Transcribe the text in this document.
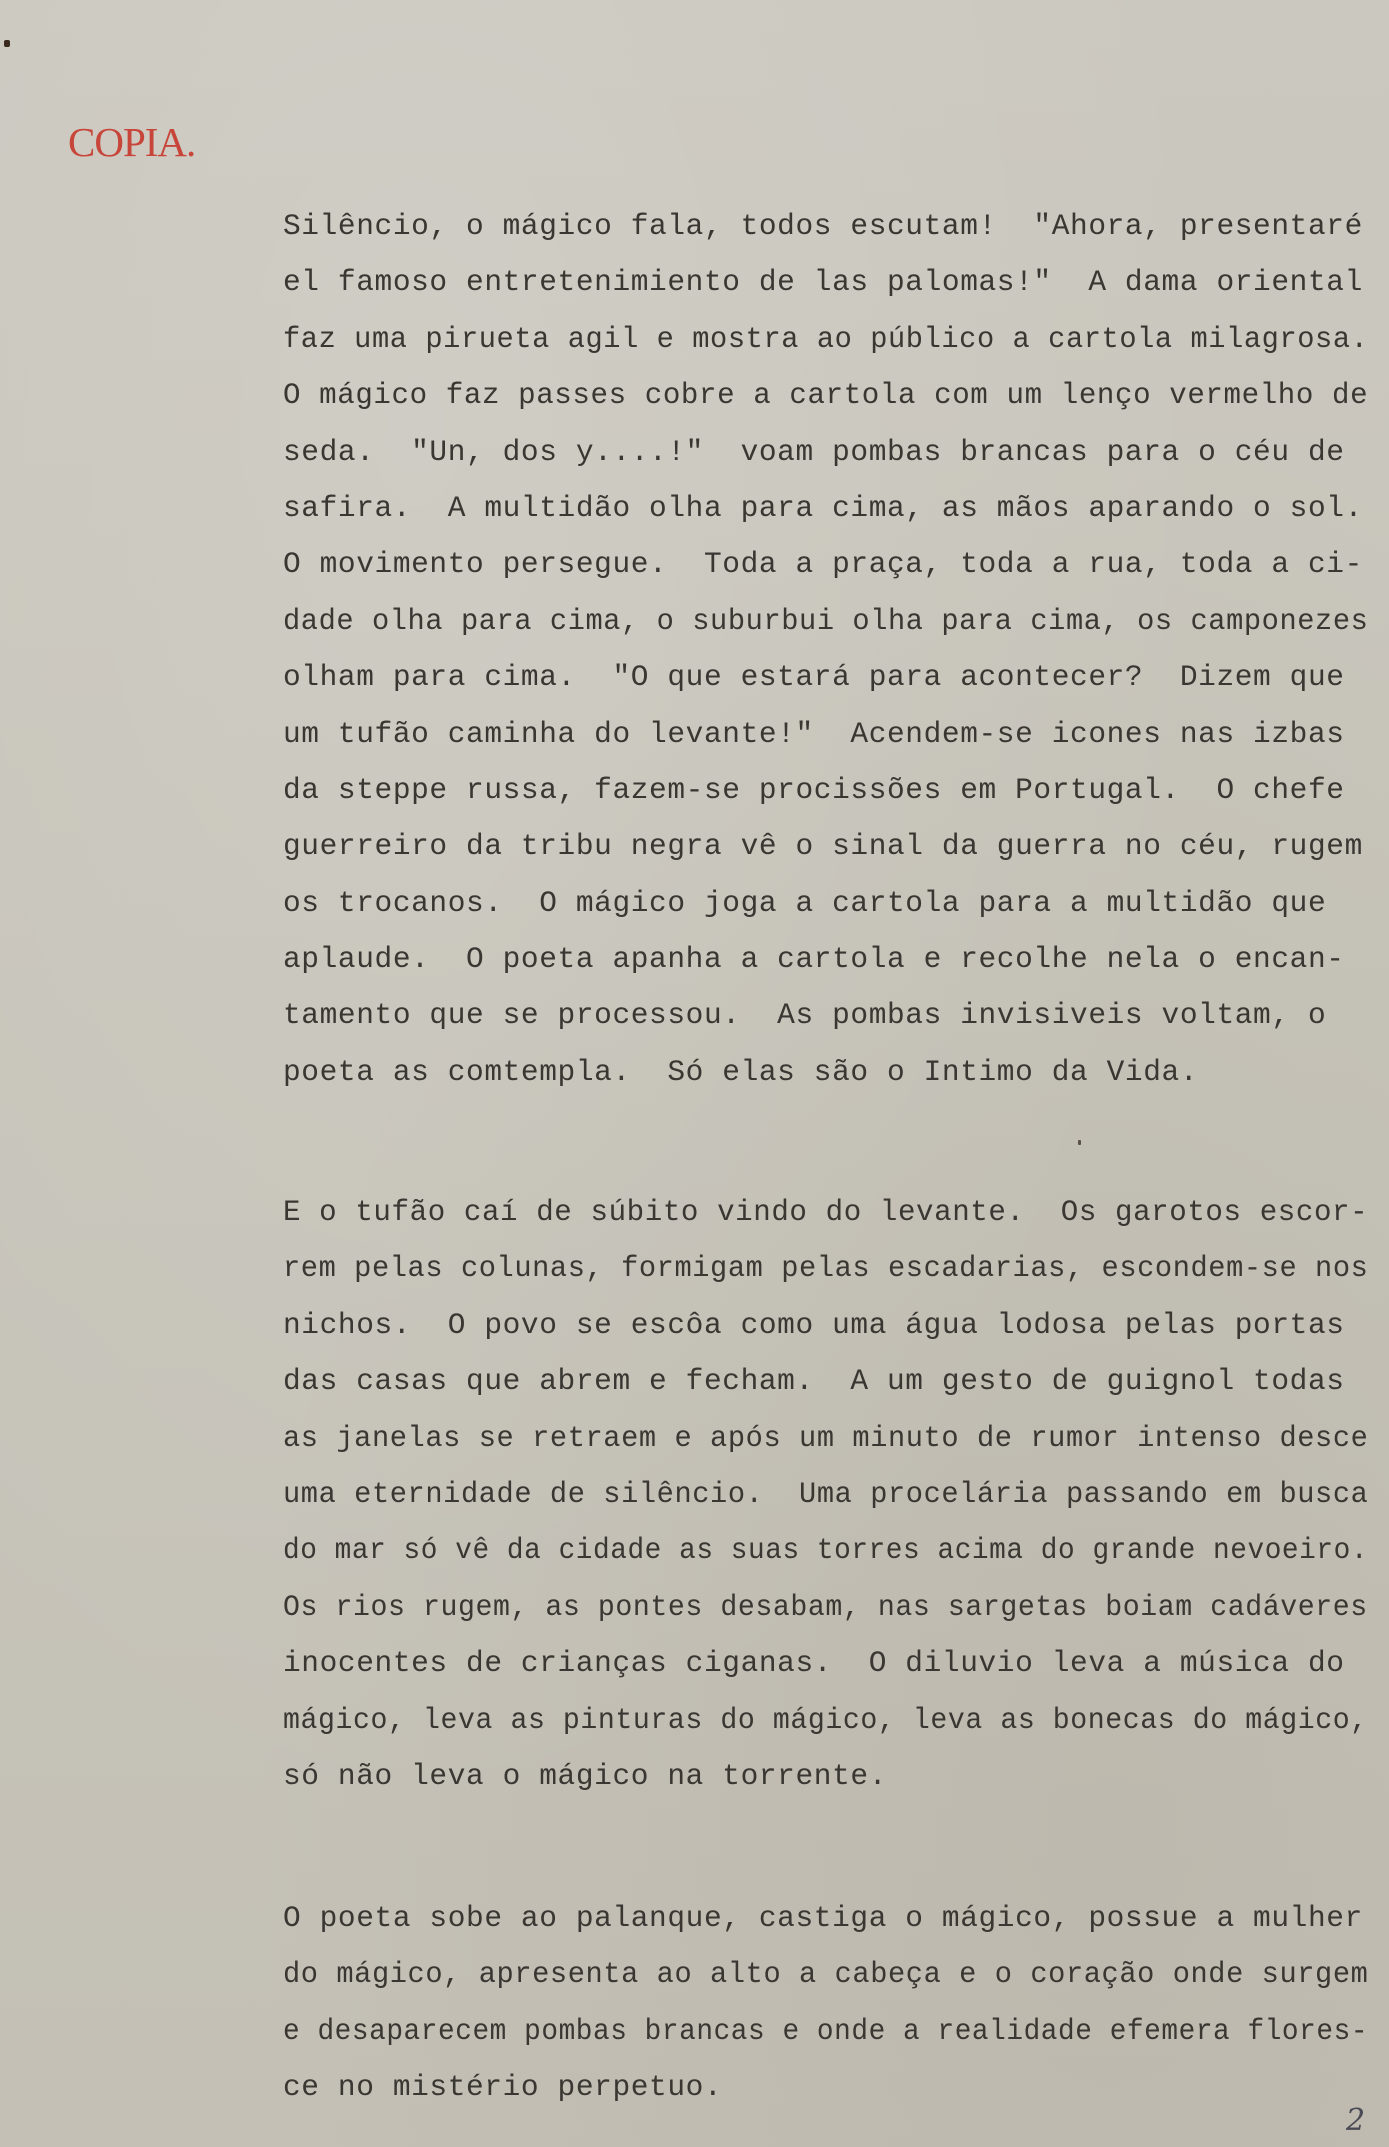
COPIA.
Silêncio, o mágico fala, todos escutam!  "Ahora, presentaré
el famoso entretenimiento de las palomas!"  A dama oriental
faz uma pirueta agil e mostra ao público a cartola milagrosa.
O mágico faz passes cobre a cartola com um lenço vermelho de
seda.  "Un, dos y....!"  voam pombas brancas para o céu de
safira.  A multidão olha para cima, as mãos aparando o sol.
O movimento persegue.  Toda a praça, toda a rua, toda a ci-
dade olha para cima, o suburbui olha para cima, os camponezes
olham para cima.  "O que estará para acontecer?  Dizem que
um tufão caminha do levante!"  Acendem-se icones nas izbas
da steppe russa, fazem-se procissões em Portugal.  O chefe
guerreiro da tribu negra vê o sinal da guerra no céu, rugem
os trocanos.  O mágico joga a cartola para a multidão que
aplaude.  O poeta apanha a cartola e recolhe nela o encan-
tamento que se processou.  As pombas invisiveis voltam, o
poeta as comtempla.  Só elas são o Intimo da Vida.
E o tufão caí de súbito vindo do levante.  Os garotos escor-
rem pelas colunas, formigam pelas escadarias, escondem-se nos
nichos.  O povo se escôa como uma água lodosa pelas portas
das casas que abrem e fecham.  A um gesto de guignol todas
as janelas se retraem e após um minuto de rumor intenso desce
uma eternidade de silêncio.  Uma procelária passando em busca
do mar só vê da cidade as suas torres acima do grande nevoeiro.
Os rios rugem, as pontes desabam, nas sargetas boiam cadáveres
inocentes de crianças ciganas.  O diluvio leva a música do
mágico, leva as pinturas do mágico, leva as bonecas do mágico,
só não leva o mágico na torrente.
O poeta sobe ao palanque, castiga o mágico, possue a mulher
do mágico, apresenta ao alto a cabeça e o coração onde surgem
e desaparecem pombas brancas e onde a realidade efemera flores-
ce no mistério perpetuo.
2
